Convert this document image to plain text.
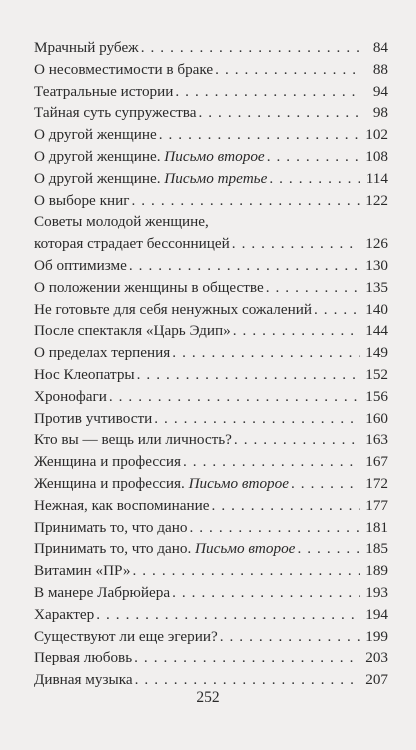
Мрачный рубеж . . .	84
О несовместимости в браке . . .	88
Театральные истории . . .	94
Тайная суть супружества . . .	98
О другой женщине . . .	102
О другой женщине. Письмо второе . . .	108
О другой женщине. Письмо третье . . .	114
О выборе книг . . .	122
Советы молодой женщине,
которая страдает бессонницей . . .	126
Об оптимизме . . .	130
О положении женщины в обществе . . .	135
Не готовьте для себя ненужных сожалений . . .	140
После спектакля «Царь Эдип» . . .	144
О пределах терпения . . .	149
Нос Клеопатры . . .	152
Хронофаги . . .	156
Против учтивости . . .	160
Кто вы — вещь или личность? . . .	163
Женщина и профессия . . .	167
Женщина и профессия. Письмо второе . . .	172
Нежная, как воспоминание . . .	177
Принимать то, что дано . . .	181
Принимать то, что дано. Письмо второе . . .	185
Витамин «ПР» . . .	189
В манере Лабрюйера . . .	193
Характер . . .	194
Существуют ли еще эгерии? . . .	199
Первая любовь . . .	203
Дивная музыка . . .	207
252
